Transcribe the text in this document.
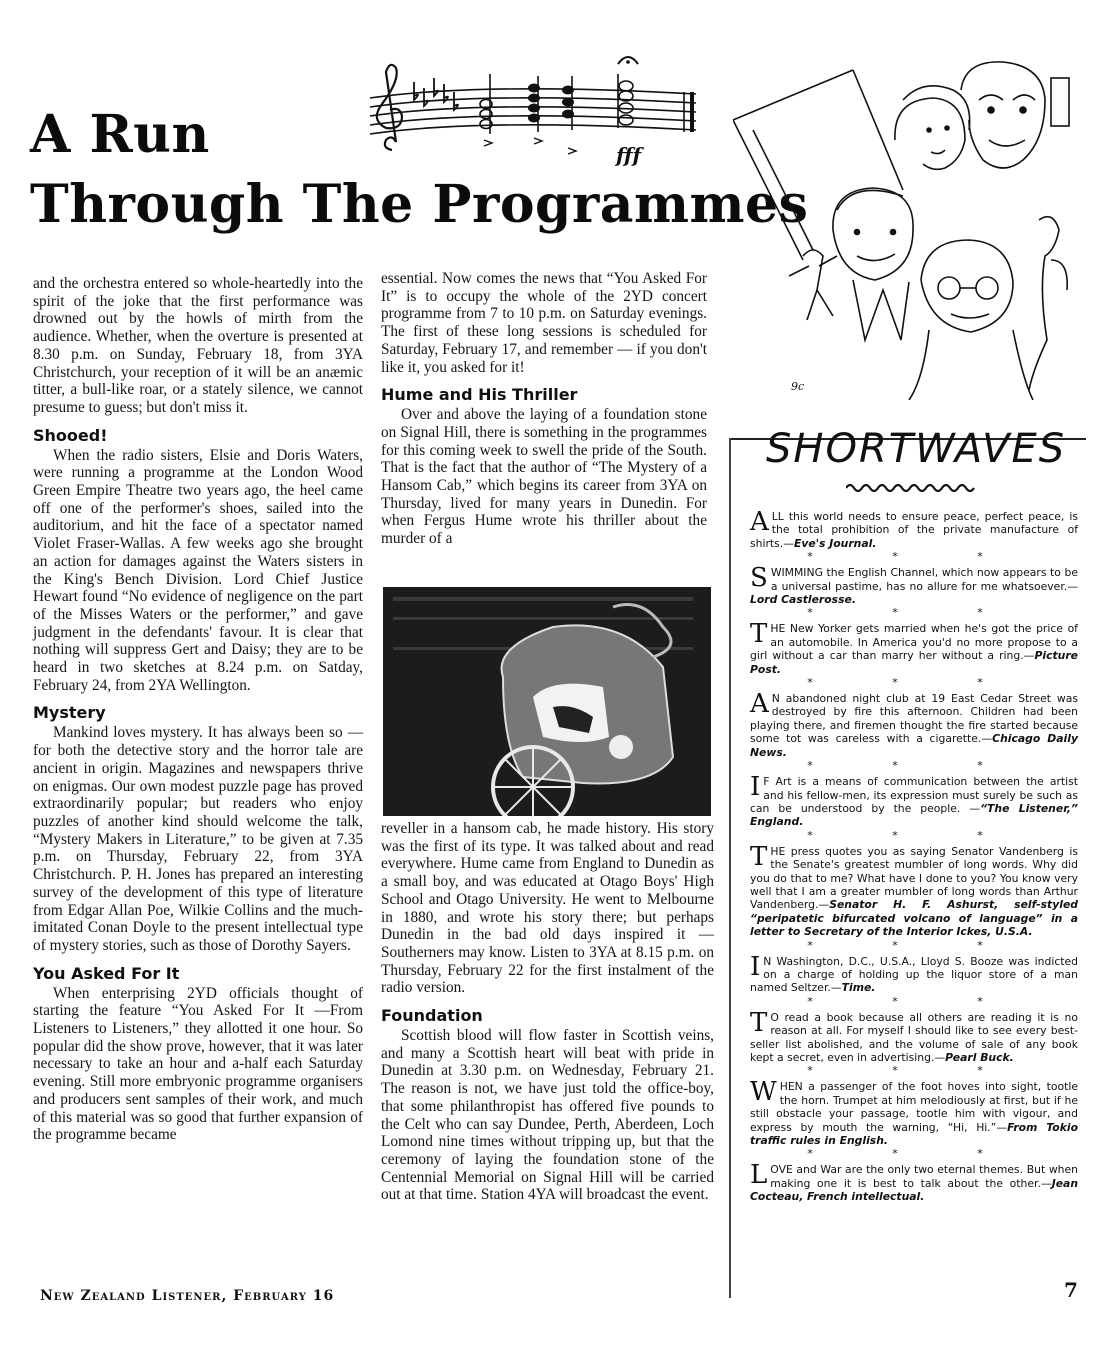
A Run
Through The Programmes
fff
9c

and the orchestra entered so whole-heartedly into the spirit of the joke that the first performance was drowned out by the howls of mirth from the audience. Whether, when the overture is presented at 8.30 p.m. on Sunday, February 18, from 3YA Christchurch, your reception of it will be an anæmic titter, a bull-like roar, or a stately silence, we cannot presume to guess; but don't miss it.

Shooed!

When the radio sisters, Elsie and Doris Waters, were running a programme at the London Wood Green Empire Theatre two years ago, the heel came off one of the performer's shoes, sailed into the auditorium, and hit the face of a spectator named Violet Fraser-Wallas. A few weeks ago she brought an action for damages against the Waters sisters in the King's Bench Division. Lord Chief Justice Hewart found “No evidence of negligence on the part of the Misses Waters or the performer,” and gave judgment in the defendants' favour. It is clear that nothing will suppress Gert and Daisy; they are to be heard in two sketches at 8.24 p.m. on Satday, February 24, from 2YA Wellington.

Mystery

Mankind loves mystery. It has always been so — for both the detective story and the horror tale are ancient in origin. Magazines and newspapers thrive on enigmas. Our own modest puzzle page has proved extraordinarily popular; but readers who enjoy puzzles of another kind should welcome the talk, “Mystery Makers in Literature,” to be given at 7.35 p.m. on Thursday, February 22, from 3YA Christchurch. P. H. Jones has prepared an interesting survey of the development of this type of literature from Edgar Allan Poe, Wilkie Collins and the much-imitated Conan Doyle to the present intellectual type of mystery stories, such as those of Dorothy Sayers.

You Asked For It

When enterprising 2YD officials thought of starting the feature “You Asked For It —From Listeners to Listeners,” they allotted it one hour. So popular did the show prove, however, that it was later necessary to take an hour and a-half each Saturday evening. Still more embryonic programme organisers and producers sent samples of their work, and much of this material was so good that further expansion of the programme became

essential. Now comes the news that “You Asked For It” is to occupy the whole of the 2YD concert programme from 7 to 10 p.m. on Saturday evenings. The first of these long sessions is scheduled for Saturday, February 17, and remember — if you don't like it, you asked for it!

Hume and His Thriller

Over and above the laying of a foundation stone on Signal Hill, there is something in the programmes for this coming week to swell the pride of the South. That is the fact that the author of “The Mystery of a Hansom Cab,” which begins its career from 3YA on Thursday, lived for many years in Dunedin. For when Fergus Hume wrote his thriller about the murder of a

reveller in a hansom cab, he made history. His story was the first of its type. It was talked about and read everywhere. Hume came from England to Dunedin as a small boy, and was educated at Otago Boys' High School and Otago University. He went to Melbourne in 1880, and wrote his story there; but perhaps Dunedin in the bad old days inspired it — Southerners may know. Listen to 3YA at 8.15 p.m. on Thursday, February 22 for the first instalment of the radio version.

Foundation

Scottish blood will flow faster in Scottish veins, and many a Scottish heart will beat with pride in Dunedin at 3.30 p.m. on Wednesday, February 21. The reason is not, we have just told the office-boy, that some philanthropist has offered five pounds to the Celt who can say Dundee, Perth, Aberdeen, Loch Lomond nine times without tripping up, but that the ceremony of laying the foundation stone of the Centennial Memorial on Signal Hill will be carried out at that time. Station 4YA will broadcast the event.

SHORTWAVES

ALL this world needs to ensure peace, perfect peace, is the total prohibition of the private manufacture of shirts.—Eve's Journal.

* * *

SWIMMING the English Channel, which now appears to be a universal pastime, has no allure for me whatsoever.—Lord Castlerosse.

* * *

THE New Yorker gets married when he's got the price of an automobile. In America you'd no more propose to a girl without a car than marry her without a ring.—Picture Post.

* * *

A N abandoned night club at 19 East Cedar Street was destroyed by fire this afternoon. Children had been playing there, and firemen thought the fire started because some tot was careless with a cigarette.—Chicago Daily News.

* * *

I F Art is a means of communication between the artist and his fellow-men, its expression must surely be such as can be understood by the people. —“The Listener,” England.

* * *

THE press quotes you as saying Senator Vandenberg is the Senate's greatest mumbler of long words. Why did you do that to me? What have I done to you? You know very well that I am a greater mumbler of long words than Arthur Vandenberg.—Senator H. F. Ashurst, self-styled “peripatetic bifurcated volcano of language” in a letter to Secretary of the Interior Ickes, U.S.A.

* * *

I N Washington, D.C., U.S.A., Lloyd S. Booze was indicted on a charge of holding up the liquor store of a man named Seltzer.—Time.

* * *

T O read a book because all others are reading it is no reason at all. For myself I should like to see every best-seller list abolished, and the volume of sale of any book kept a secret, even in advertising.—Pearl Buck.

* * *

WHEN a passenger of the foot hoves into sight, tootle the horn. Trumpet at him melodiously at first, but if he still obstacle your passage, tootle him with vigour, and express by mouth the warning, “Hi, Hi.”—From Tokio traffic rules in English.

* * *

LOVE and War are the only two eternal themes. But when making one it is best to talk about the other.—Jean Cocteau, French intellectual.

New Zealand Listener, February 16	7
